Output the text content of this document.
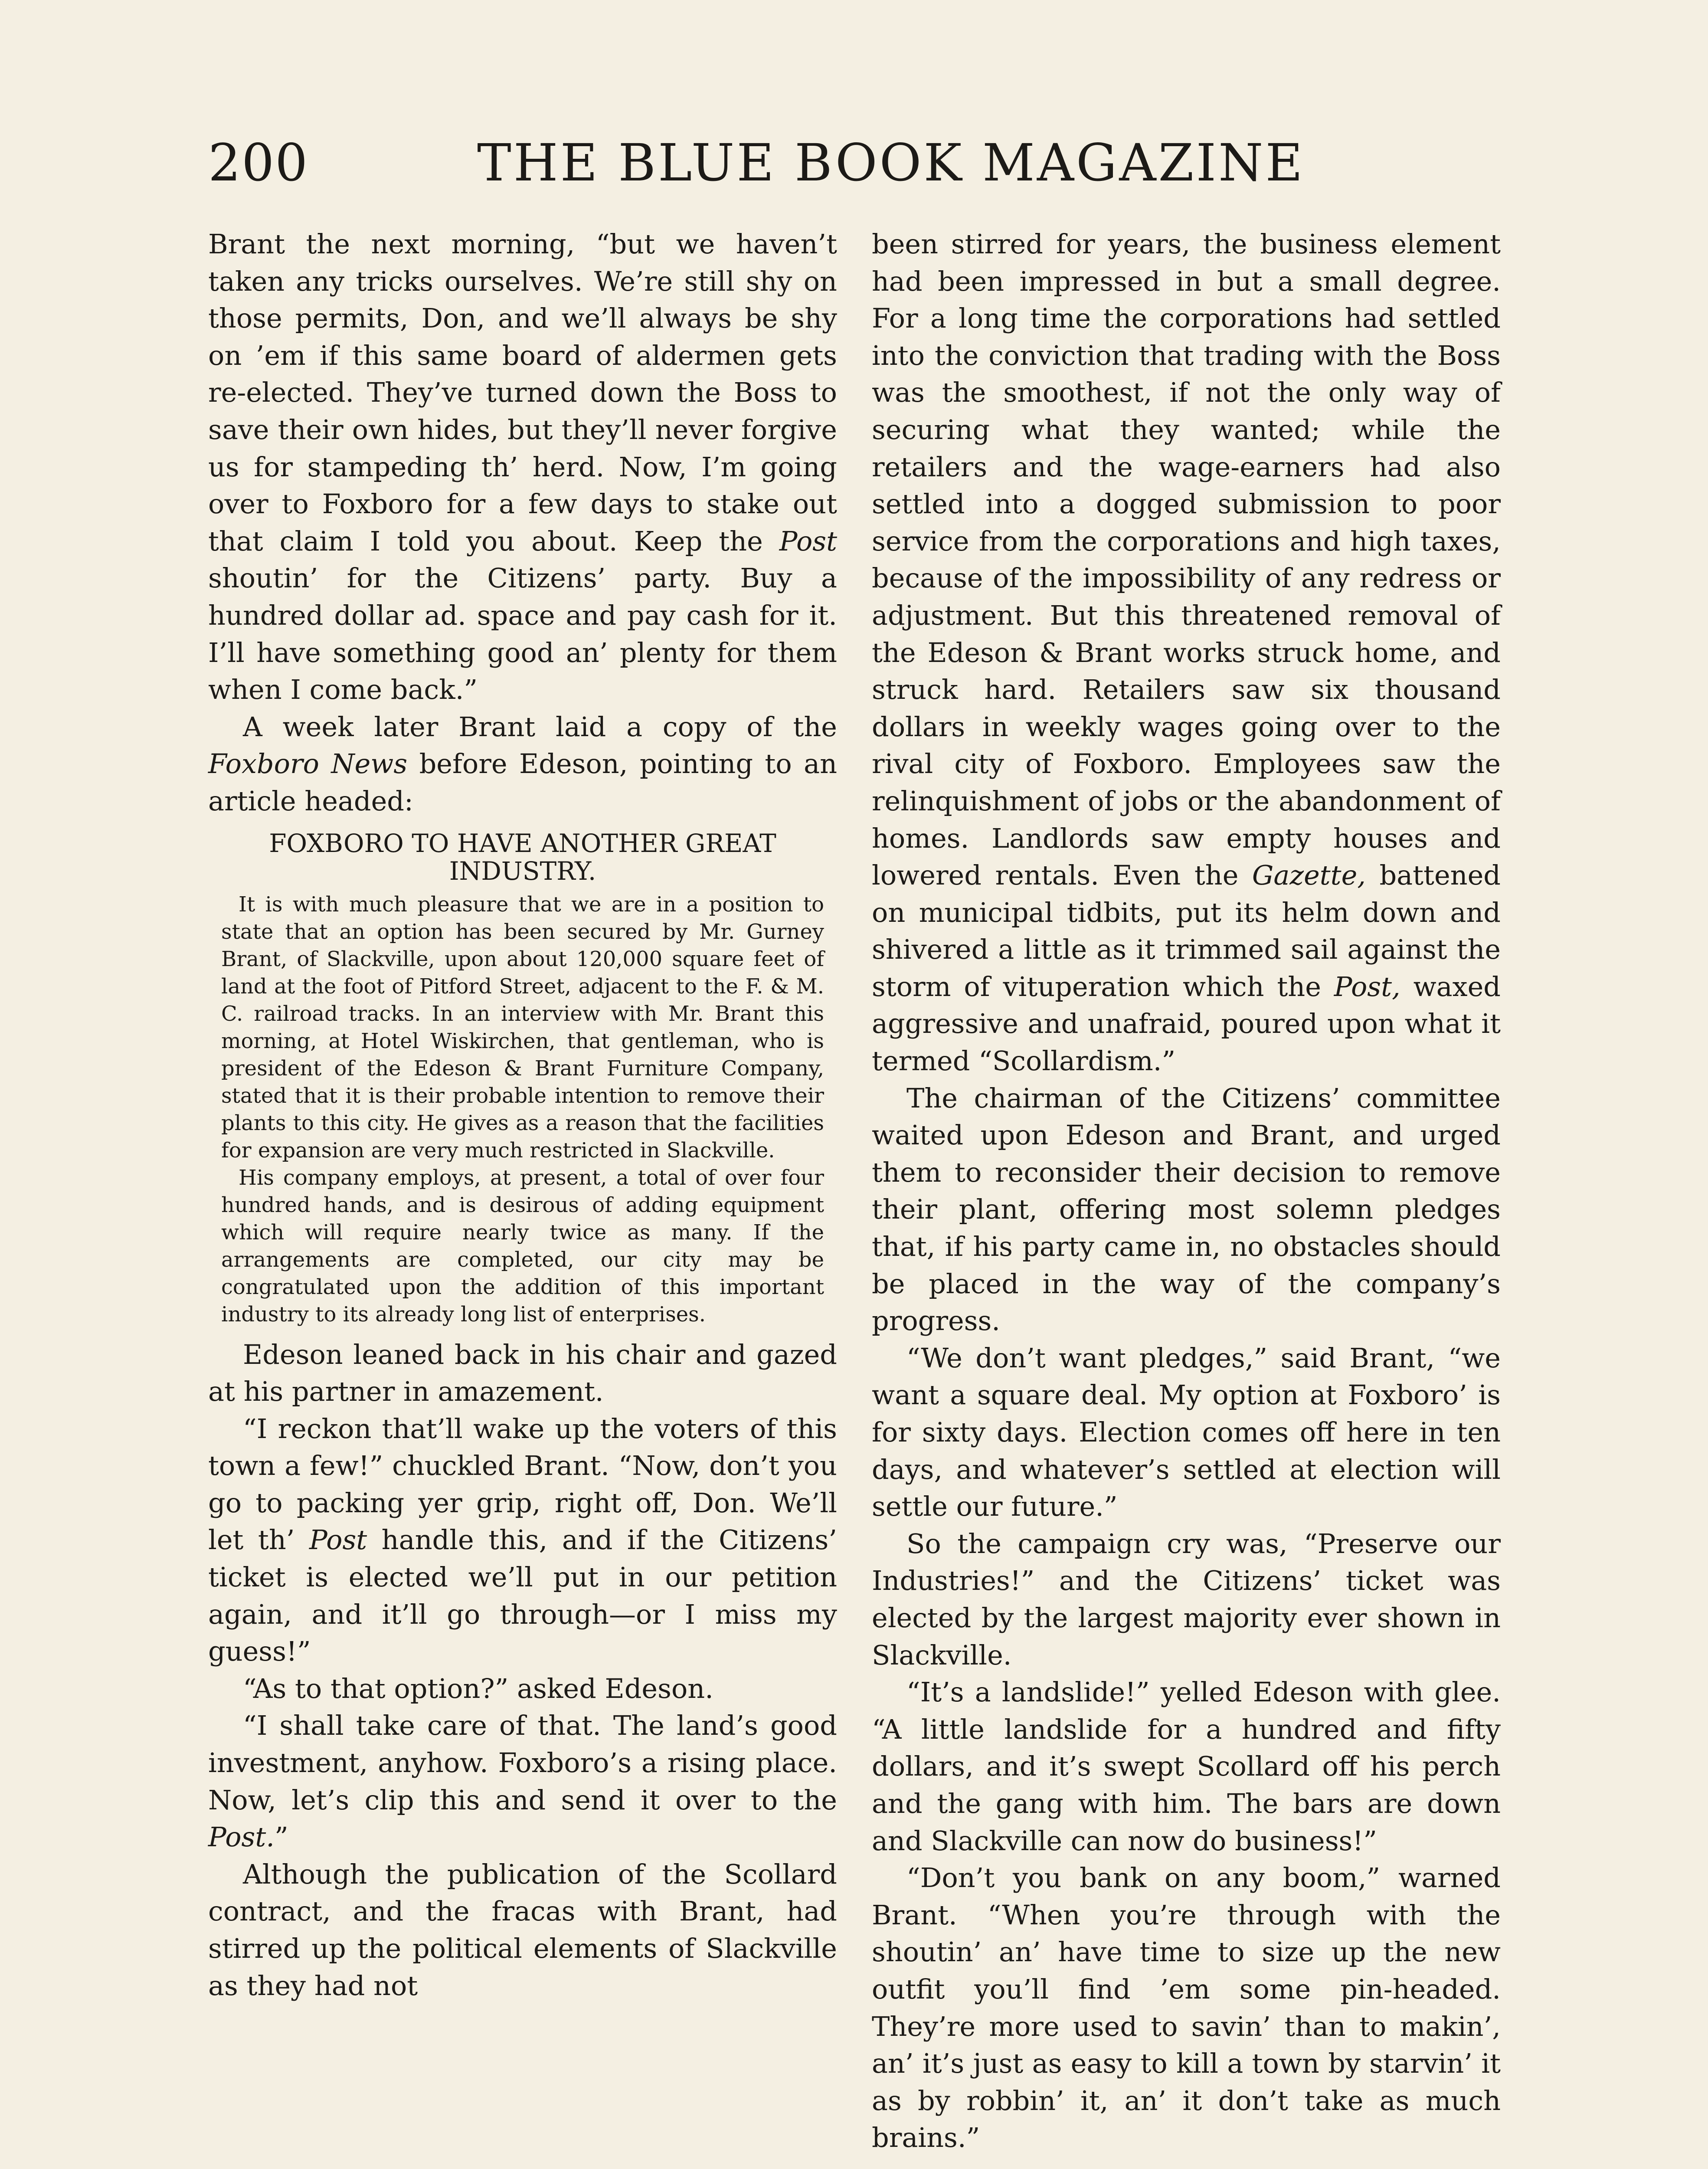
200	THE BLUE BOOK MAGAZINE

Brant the next morning, “but we haven’t taken any tricks ourselves. We’re still shy on those permits, Don, and we’ll always be shy on ’em if this same board of aldermen gets re-elected. They’ve turned down the Boss to save their own hides, but they’ll never forgive us for stampeding th’ herd. Now, I’m going over to Foxboro for a few days to stake out that claim I told you about. Keep the Post shoutin’ for the Citizens’ party. Buy a hundred dollar ad. space and pay cash for it. I’ll have something good an’ plenty for them when I come back.”

A week later Brant laid a copy of the Foxboro News before Edeson, pointing to an article headed:

FOXBORO TO HAVE ANOTHER GREAT INDUSTRY.

It is with much pleasure that we are in a position to state that an option has been secured by Mr. Gurney Brant, of Slackville, upon about 120,000 square feet of land at the foot of Pitford Street, adjacent to the F. & M. C. railroad tracks. In an interview with Mr. Brant this morning, at Hotel Wiskirchen, that gentleman, who is president of the Edeson & Brant Furniture Company, stated that it is their probable intention to remove their plants to this city. He gives as a reason that the facilities for expansion are very much restricted in Slackville.

His company employs, at present, a total of over four hundred hands, and is desirous of adding equipment which will require nearly twice as many. If the arrangements are completed, our city may be congratulated upon the addition of this important industry to its already long list of enterprises.

Edeson leaned back in his chair and gazed at his partner in amazement.

“I reckon that’ll wake up the voters of this town a few!” chuckled Brant. “Now, don’t you go to packing yer grip, right off, Don. We’ll let th’ Post handle this, and if the Citizens’ ticket is elected we’ll put in our petition again, and it’ll go through—or I miss my guess!”

“As to that option?” asked Edeson.

“I shall take care of that. The land’s good investment, anyhow. Foxboro’s a rising place. Now, let’s clip this and send it over to the Post.”

Although the publication of the Scollard contract, and the fracas with Brant, had stirred up the political elements of Slackville as they had not

been stirred for years, the business element had been impressed in but a small degree. For a long time the corporations had settled into the conviction that trading with the Boss was the smoothest, if not the only way of securing what they wanted; while the retailers and the wage-earners had also settled into a dogged submission to poor service from the corporations and high taxes, because of the impossibility of any redress or adjustment. But this threatened removal of the Edeson & Brant works struck home, and struck hard. Retailers saw six thousand dollars in weekly wages going over to the rival city of Foxboro. Employees saw the relinquishment of jobs or the abandonment of homes. Landlords saw empty houses and lowered rentals. Even the Gazette, battened on municipal tidbits, put its helm down and shivered a little as it trimmed sail against the storm of vituperation which the Post, waxed aggressive and unafraid, poured upon what it termed “Scollardism.”

The chairman of the Citizens’ committee waited upon Edeson and Brant, and urged them to reconsider their decision to remove their plant, offering most solemn pledges that, if his party came in, no obstacles should be placed in the way of the company’s progress.

“We don’t want pledges,” said Brant, “we want a square deal. My option at Foxboro’ is for sixty days. Election comes off here in ten days, and whatever’s settled at election will settle our future.”

So the campaign cry was, “Preserve our Industries!” and the Citizens’ ticket was elected by the largest majority ever shown in Slackville.

“It’s a landslide!” yelled Edeson with glee. “A little landslide for a hundred and fifty dollars, and it’s swept Scollard off his perch and the gang with him. The bars are down and Slackville can now do business!”

“Don’t you bank on any boom,” warned Brant. “When you’re through with the shoutin’ an’ have time to size up the new outfit you’ll find ’em some pin-headed. They’re more used to savin’ than to makin’, an’ it’s just as easy to kill a town by starvin’ it as by robbin’ it, an’ it don’t take as much brains.”
